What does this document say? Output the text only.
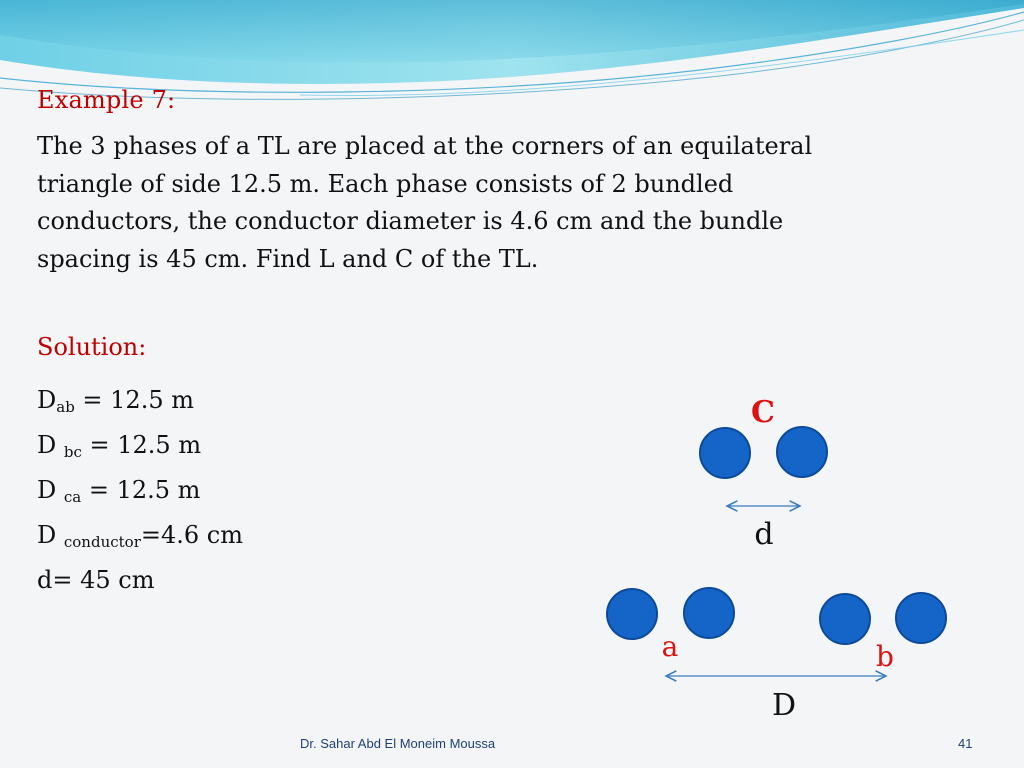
Example 7:
The 3 phases of a TL are placed at the corners of an equilateral
triangle of side 12.5 m. Each phase consists of 2 bundled
conductors, the conductor diameter is 4.6 cm and the bundle
spacing is 45 cm. Find L and C of the TL.
Solution:
$D_{ab} = 12.5$ m
D $_{bc}$ = 12.5 m
D $_{ca}$ = 12.5 m
D $_{conductor}$=4.6 cm
d= 45 cm
C
d
a	b
D
Dr. Sahar Abd El Moneim Moussa	41
